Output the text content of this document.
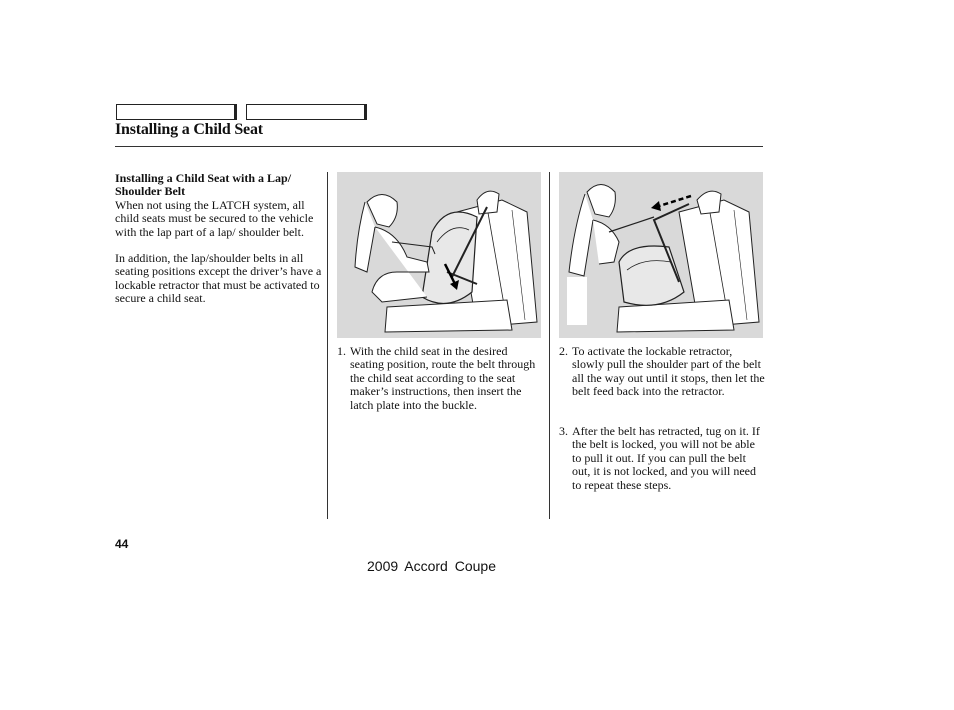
Installing a Child Seat
Installing a Child Seat with a Lap/ Shoulder Belt

When not using the LATCH system, all child seats must be secured to the vehicle with the lap part of a lap/ shoulder belt.

In addition, the lap/shoulder belts in all seating positions except the driver’s have a lockable retractor that must be activated to secure a child seat.

1. With the child seat in the desired seating position, route the belt through the child seat according to the seat maker’s instructions, then insert the latch plate into the buckle.
2. To activate the lockable retractor, slowly pull the shoulder part of the belt all the way out until it stops, then let the belt feed back into the retractor.
3. After the belt has retracted, tug on it. If the belt is locked, you will not be able to pull it out. If you can pull the belt out, it is not locked, and you will need to repeat these steps.
44
2009 Accord Coupe
